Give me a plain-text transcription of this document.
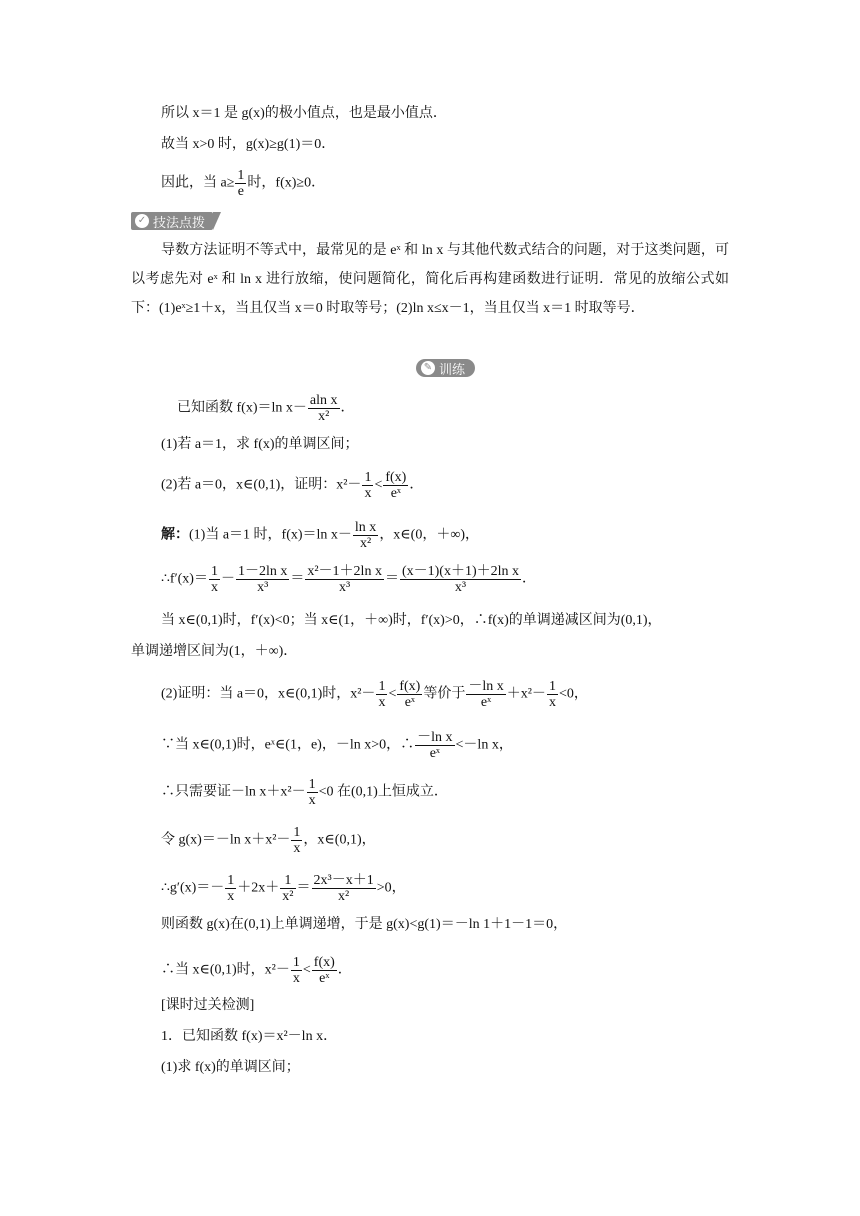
所以 x＝1 是 g(x)的极小值点，也是最小值点．
故当 x>0 时，g(x)≥g(1)＝0．
因此，当 $a\ge \frac{1}{e}$ 时，f(x)≥0．
✓ 技法点拨
导数方法证明不等式中，最常见的是 eˣ 和 ln x 与其他代数式结合的问题，对于这类问题，可以考虑先对 eˣ 和 ln x 进行放缩，使问题简化，简化后再构建函数进行证明．常见的放缩公式如下：(1)eˣ≥1＋x，当且仅当 x＝0 时取等号；(2)ln x≤x－1，当且仅当 x＝1 时取等号．
✎ 训练
已知函数 f(x)＝ln $x- \frac{\text{aln x}}{\text{x²}}$ ．
(1)若 a＝1，求 f(x)的单调区间；
(2)若 a＝0，x∈(0,1)，证明：$x^2- \frac{1}{x} < \frac{f(x)}{\text{eˣ}}$ ．
解：(1)当 a＝1 时，f(x)＝ln $x- \frac{\text{ln x}}{\text{x²}}$ ，x∈(0，＋∞)，
∴f′(x)＝ $\frac{1}{x} - \frac{\text{1－2ln x}}{\text{x³}} = \frac{\text{x²－1＋2ln x}}{\text{x³}} = \frac{\text{(x－1)(x＋1)＋2ln x}}{\text{x³}}$ ．
当 x∈(0,1)时，f′(x)<0；当 x∈(1，＋∞)时，f′(x)>0，∴f(x)的单调递减区间为(0,1)，
单调递增区间为(1，＋∞)．
(2)证明：当 a＝0，x∈(0,1)时，$x^2- \frac{1}{x} < \frac{f(x)}{\text{eˣ}}$ 等价于 $\frac{\text{－ln x}}{\text{eˣ}} +x^2- \frac{1}{x} <0$，
∵当 x∈(0,1)时，eˣ∈(1，e)，－ln x>0，∴ $\frac{\text{－ln x}}{\text{eˣ}} <-\ln$ x，
∴只需要证－ln $x+x^2- \frac{1}{x} <0$ 在(0,1)上恒成立．
令 g(x)＝－ln $x+x^2- \frac{1}{x}$ ，x∈(0,1)，
∴g′(x)＝－ $\frac{1}{x} +2x+ \frac{1}{\text{x²}} = \frac{\text{2x³－x＋1}}{\text{x²}} >0$，
则函数 g(x)在(0,1)上单调递增，于是 g(x)<g(1)＝－ln 1＋1－1＝0，
∴当 x∈(0,1)时，$x^2- \frac{1}{x} < \frac{f(x)}{\text{eˣ}}$ ．
[课时过关检测]
1．已知函数 f(x)＝x²－ln x．
(1)求 f(x)的单调区间；
